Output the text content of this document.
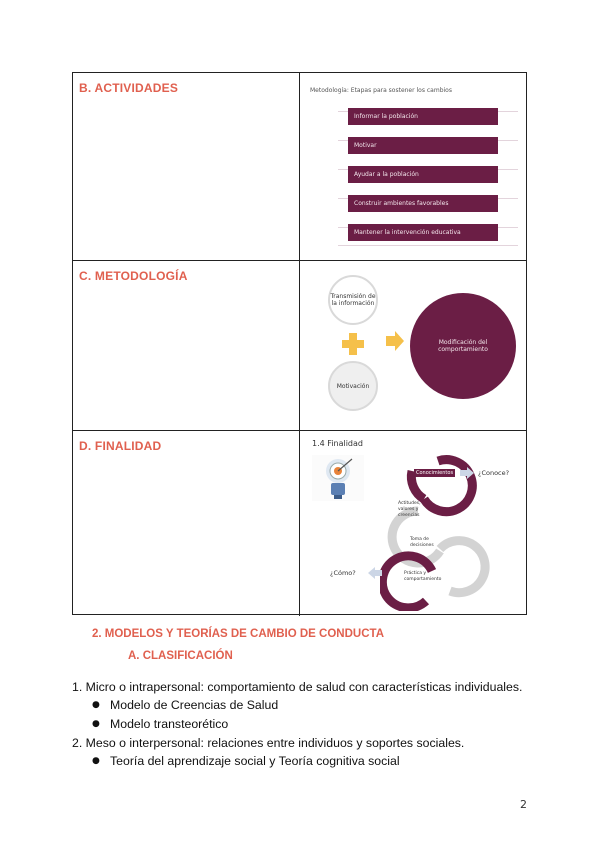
B. ACTIVIDADES	Metodología: Etapas para sostener los cambios
Informar la población
Motivar
Ayudar a la población
Construir ambientes favorables
Mantener la intervención educativa
C. METODOLOGÍA
Transmisión de la información
Motivación
Modificación del comportamiento
D. FINALIDAD	1.4 Finalidad
Conocimientos
Actitudes, valores y creencias
Toma de decisiones
Práctica y comportamiento
¿Conoce?
¿Cómo?
2. MODELOS Y TEORÍAS DE CAMBIO DE CONDUCTA
A. CLASIFICACIÓN
1. Micro o intrapersonal: comportamiento de salud con características individuales.
● Modelo de Creencias de Salud
● Modelo transteorético
2. Meso o interpersonal: relaciones entre individuos y soportes sociales.
● Teoría del aprendizaje social y Teoría cognitiva social
2
